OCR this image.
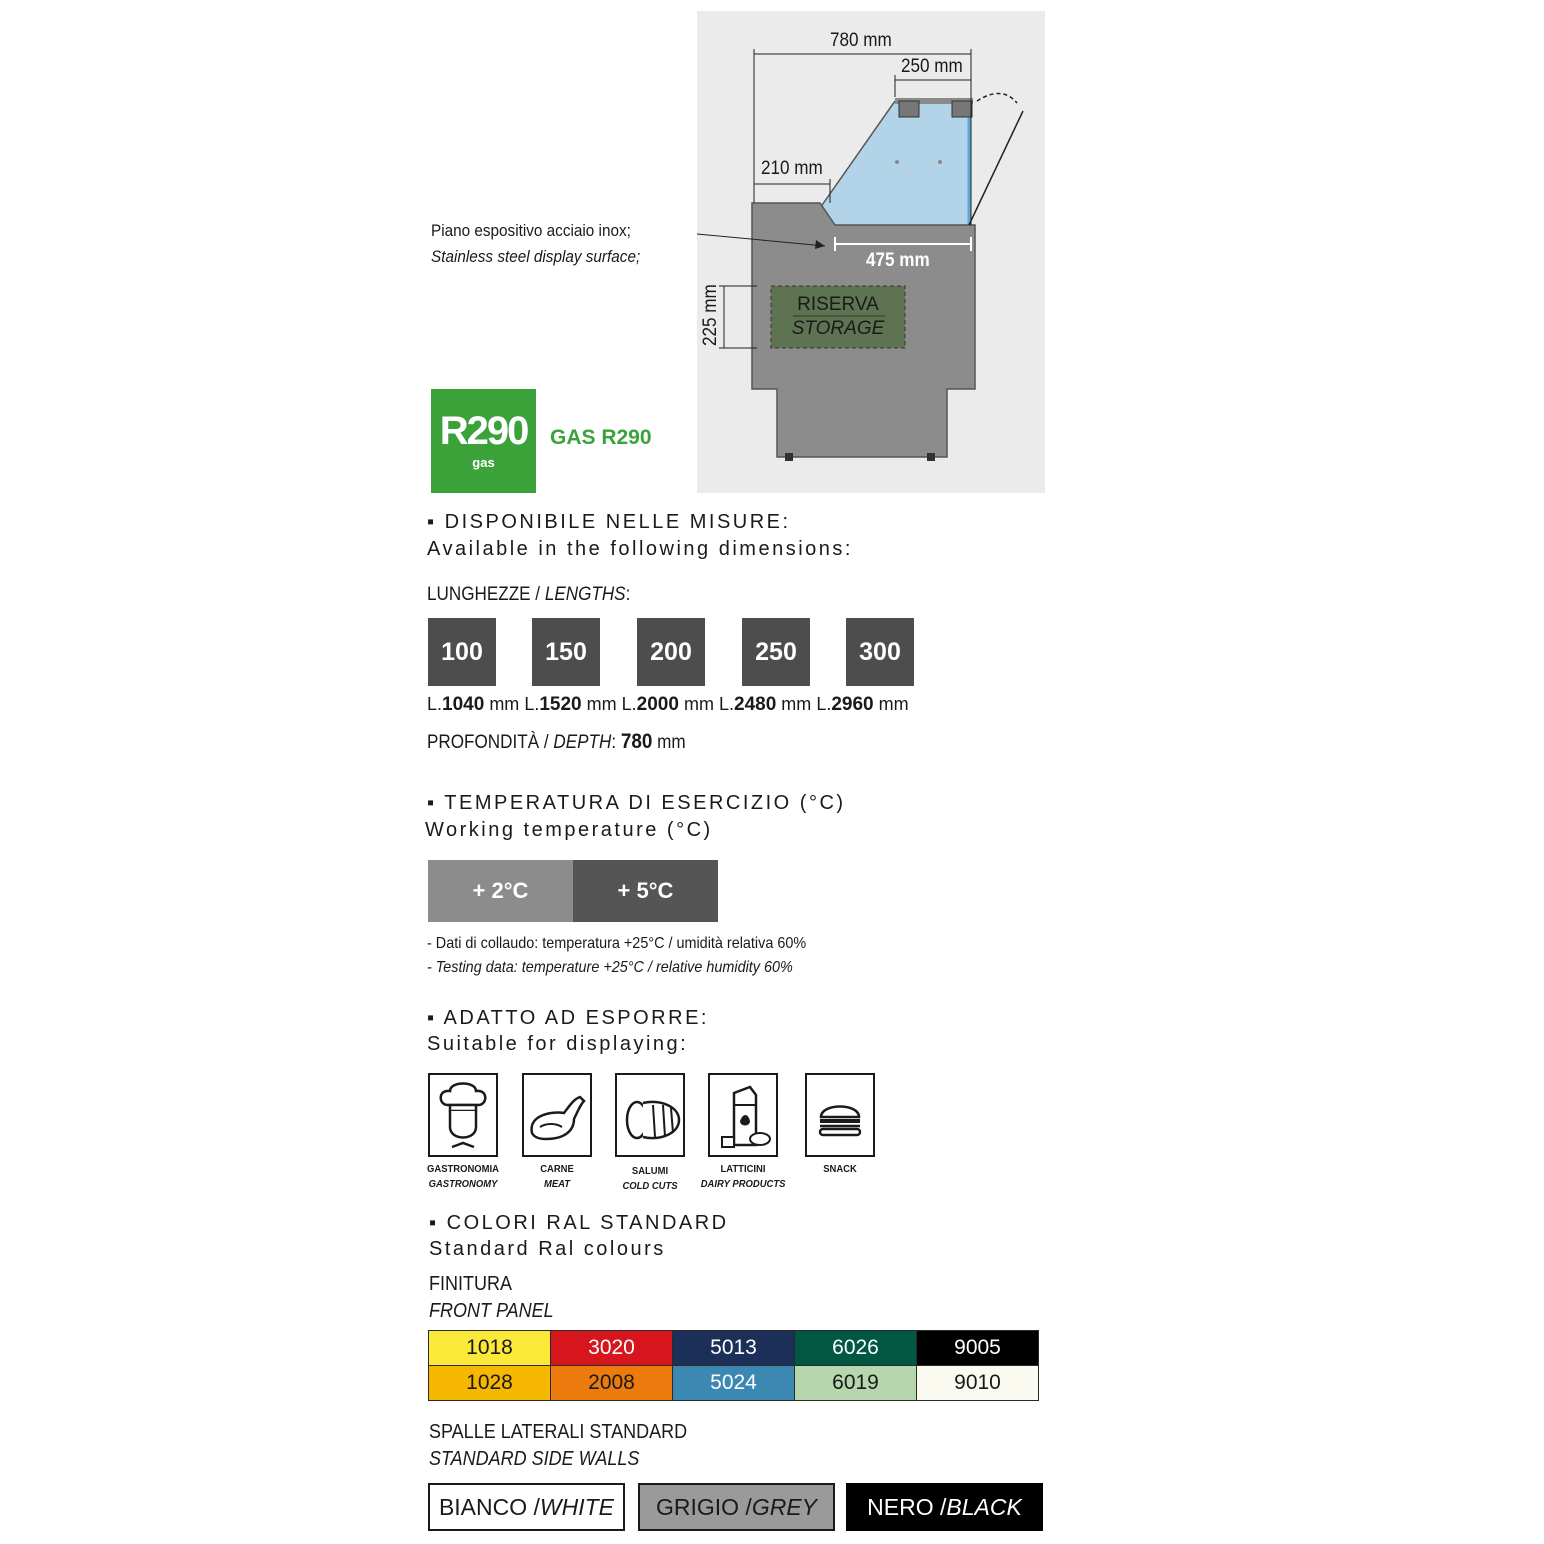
780 mm
250 mm
210 mm
475 mm
225 mm	RISERVA
STORAGE
Piano espositivo acciaio inox;
Stainless steel display surface;
R290
gas
GAS R290
▪ DISPONIBILE NELLE MISURE:
Available in the following dimensions:
LUNGHEZZE / LENGTHS:
100	150	200	250	300
L.1040 mm L.1520 mm L.2000 mm L.2480 mm L.2960 mm
PROFONDITÀ / DEPTH: 780 mm
▪ TEMPERATURA DI ESERCIZIO (°C)
Working temperature (°C)
+ 2°C	+ 5°C
- Dati di collaudo: temperatura +25°C / umidità relativa 60%
- Testing data: temperature +25°C / relative humidity 60%
▪ ADATTO AD ESPORRE:
Suitable for displaying:
GASTRONOMIA
GASTRONOMY
CARNE
MEAT
SALUMI
COLD CUTS
LATTICINI
DAIRY PRODUCTS
SNACK
▪ COLORI RAL STANDARD
Standard Ral colours
FINITURA
FRONT PANEL
1018	3020	5013	6026	9005
1028	2008	5024	6019	9010
SPALLE LATERALI STANDARD
STANDARD SIDE WALLS
BIANCO / WHITE GRIGIO / GREY NERO / BLACK
